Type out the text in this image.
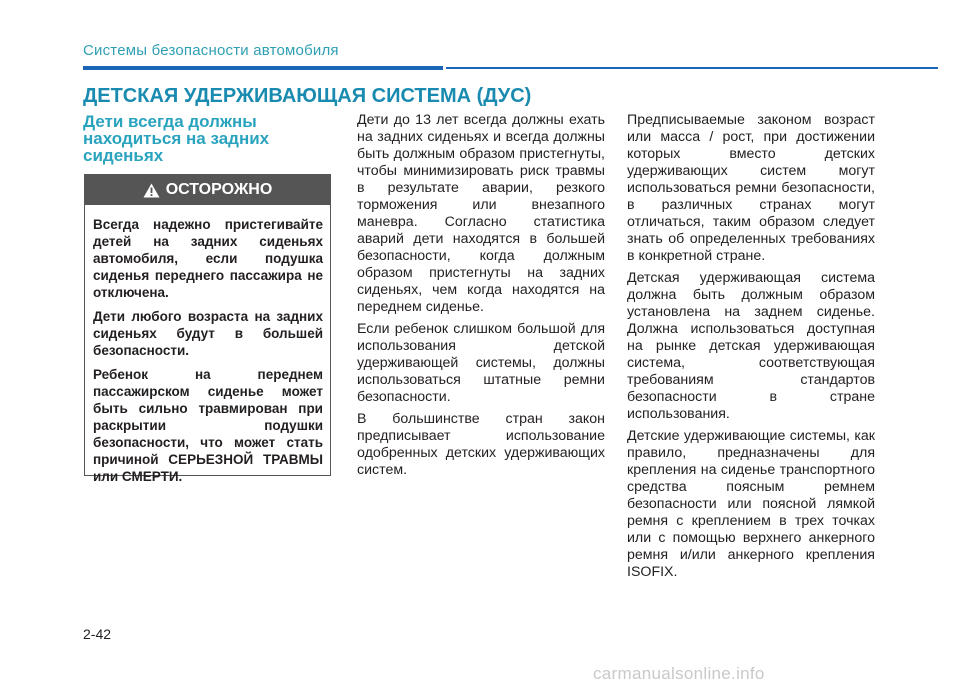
Системы безопасности автомобиля
ДЕТСКАЯ УДЕРЖИВАЮЩАЯ СИСТЕМА (ДУС)
Дети всегда должны находиться на задних сиденьях
ОСТОРОЖНО

Всегда надежно пристегивайте детей на задних сиденьях автомобиля, если подушка сиденья переднего пассажира не отключена.

Дети любого возраста на задних сиденьях будут в большей безопасности.

Ребенок на переднем пассажирском сиденье может быть сильно травмирован при раскрытии подушки безопасности, что может стать причиной СЕРЬЕЗНОЙ ТРАВМЫ или СМЕРТИ.

Дети до 13 лет всегда должны ехать на задних сиденьях и всегда должны быть должным образом пристегнуты, чтобы минимизировать риск травмы в результате аварии, резкого торможения или внезапного маневра. Согласно статистика аварий дети находятся в большей безопасности, когда должным образом пристегнуты на задних сиденьях, чем когда находятся на переднем сиденье.

Если ребенок слишком большой для использования детской удерживающей системы, должны использоваться штатные ремни безопасности.

В большинстве стран закон предписывает использование одобренных детских удерживающих систем.

Предписываемые законом возраст или масса / рост, при достижении которых вместо детских удерживающих систем могут использоваться ремни безопасности, в различных странах могут отличаться, таким образом следует знать об определенных требованиях в конкретной стране.

Детская удерживающая система должна быть должным образом установлена на заднем сиденье. Должна использоваться доступная на рынке детская удерживающая система, соответствующая требованиям стандартов безопасности в стране использования.

Детские удерживающие системы, как правило, предназначены для крепления на сиденье транспортного средства поясным ремнем безопасности или поясной лямкой ремня с креплением в трех точках или с помощью верхнего анкерного ремня и/или анкерного крепления ISOFIX.

2-42
carmanualsonline.info
